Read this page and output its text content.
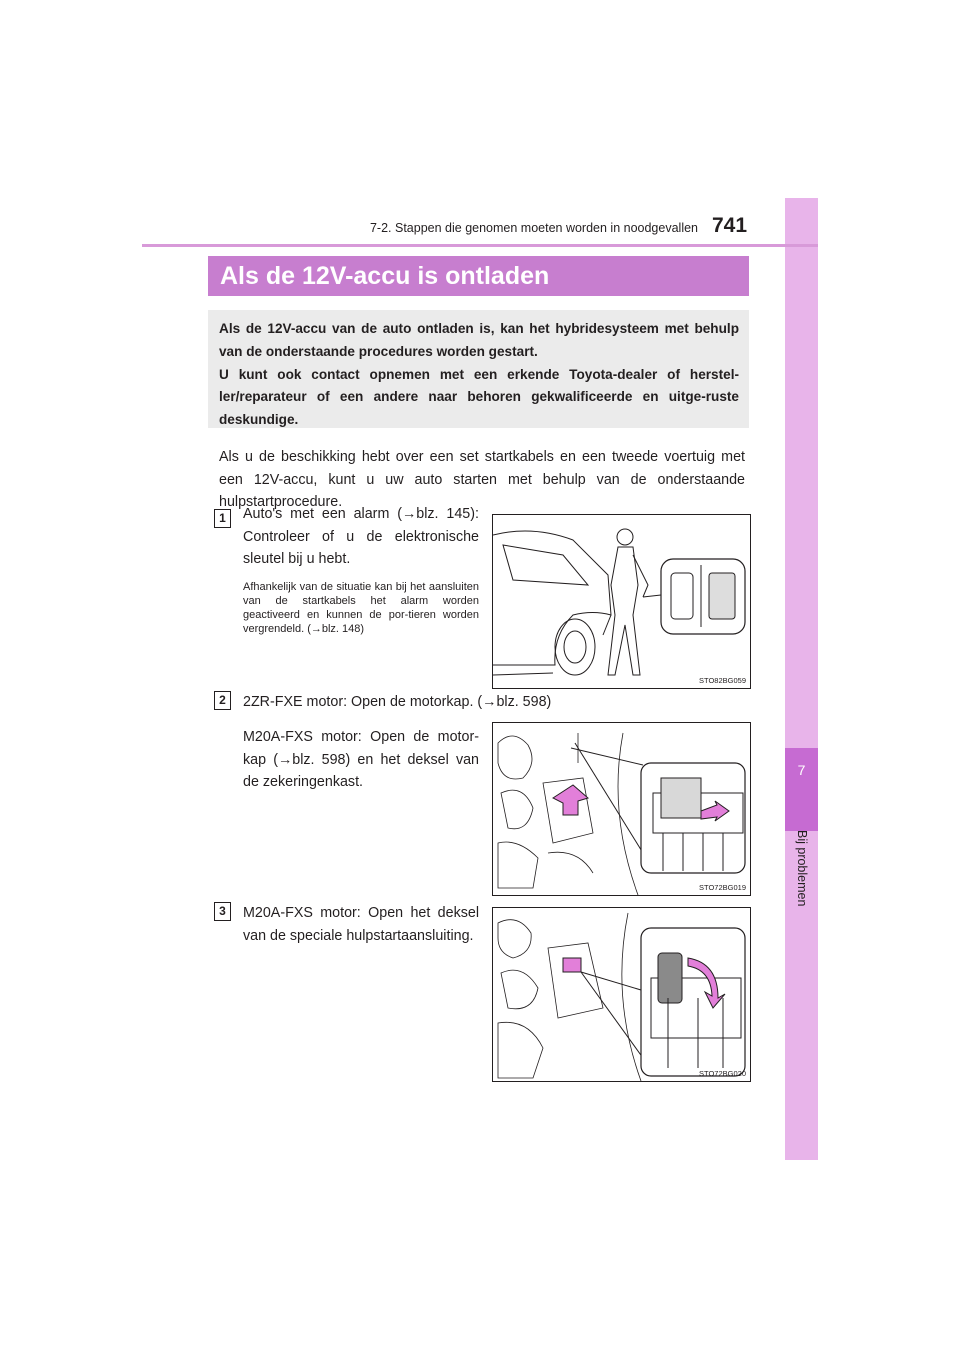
7
Bij problemen
7-2. Stappen die genomen moeten worden in noodgevallen 741
Als de 12V-accu is ontladen

Als de 12V-accu van de auto ontladen is, kan het hybridesysteem met behulp van de onderstaande procedures worden gestart.

U kunt ook contact opnemen met een erkende Toyota-dealer of herstel-ler/reparateur of een andere naar behoren gekwalificeerde en uitge-ruste deskundige.

Als u de beschikking hebt over een set startkabels en een tweede voertuig met een 12V-accu, kunt u uw auto starten met behulp van de onderstaande hulpstartprocedure.

1	Auto's met een alarm (→blz. 145): Controleer of u de elektronische sleutel bij u hebt.

Afhankelijk van de situatie kan bij het aansluiten van de startkabels het alarm worden geactiveerd en kunnen de por-tieren worden vergrendeld. (→blz. 148)

STO82BG059
2	2ZR-FXE motor: Open de motorkap. (→blz. 598)

M20A-FXS motor: Open de motor-kap (→blz. 598) en het deksel van de zekeringenkast.

STO72BG019
3	M20A-FXS motor: Open het deksel van de speciale hulpstartaansluiting.

STO72BG020
